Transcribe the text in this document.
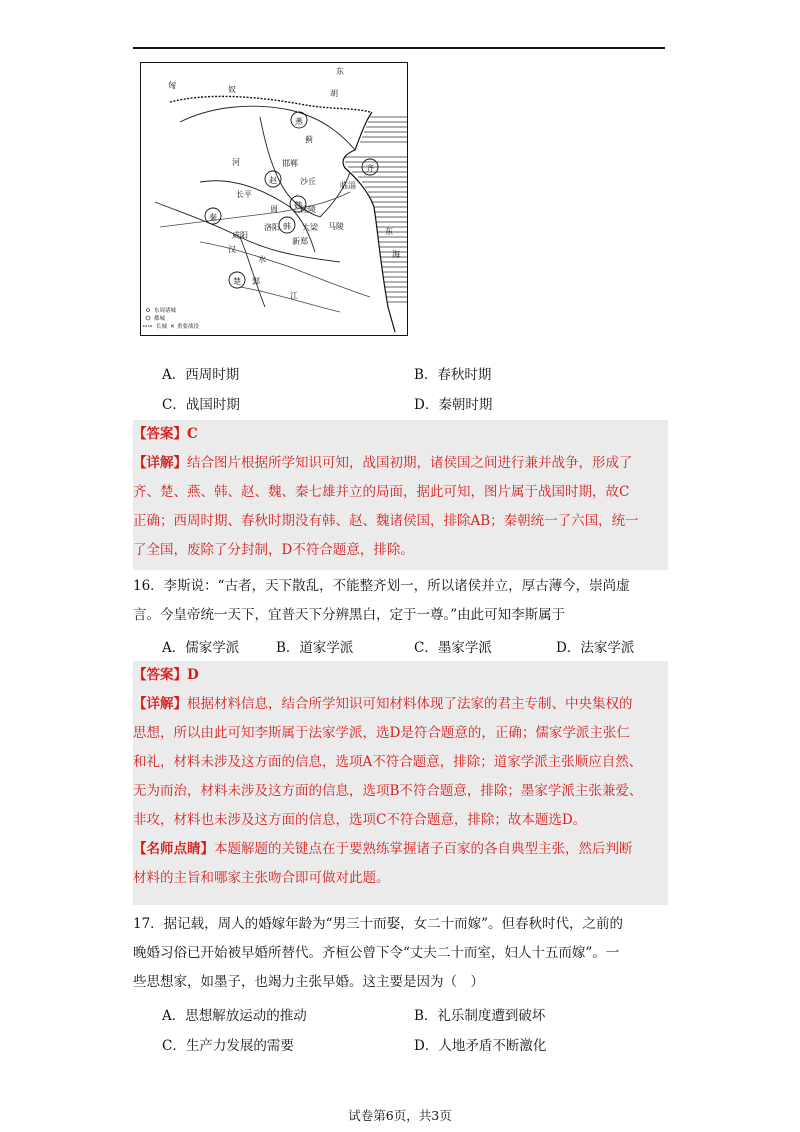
匈	奴
东
胡
燕
蓟
齐
临淄
赵
邯郸
魏
大梁
韩
新郑
秦
咸阳
楚 郢
周
洛阳
桂陵
马陵
河
汉
水
江
东
海
长平
沙丘
东周诸城
都城
长城 ✕ 重要战役
A．西周时期	B．春秋时期
C．战国时期	D．秦朝时期
【答案】C
【详解】结合图片根据所学知识可知，战国初期，诸侯国之间进行兼并战争，形成了
齐、楚、燕、韩、赵、魏、秦七雄并立的局面，据此可知，图片属于战国时期，故C
正确；西周时期、春秋时期没有韩、赵、魏诸侯国，排除AB；秦朝统一了六国，统一
了全国，废除了分封制，D不符合题意，排除。
16．李斯说：“古者，天下散乱，不能整齐划一，所以诸侯并立，厚古薄今，崇尚虚
言。今皇帝统一天下，宜普天下分辨黑白，定于一尊。”由此可知李斯属于
A．儒家学派	B．道家学派	C．墨家学派	D．法家学派
【答案】D
【详解】根据材料信息，结合所学知识可知材料体现了法家的君主专制、中央集权的
思想，所以由此可知李斯属于法家学派，选D是符合题意的，正确；儒家学派主张仁
和礼，材料未涉及这方面的信息，选项A不符合题意，排除；道家学派主张顺应自然、
无为而治，材料未涉及这方面的信息，选项B不符合题意，排除；墨家学派主张兼爱、
非攻，材料也未涉及这方面的信息，选项C不符合题意，排除；故本题选D。
【名师点睛】本题解题的关键点在于要熟练掌握诸子百家的各自典型主张，然后判断
材料的主旨和哪家主张吻合即可做对此题。
17．据记载，周人的婚嫁年龄为“男三十而娶，女二十而嫁”。但春秋时代，之前的
晚婚习俗已开始被早婚所替代。齐桓公曾下令“丈夫二十而室，妇人十五而嫁”。一
些思想家，如墨子，也竭力主张早婚。这主要是因为（　）
A．思想解放运动的推动	B．礼乐制度遭到破坏
C．生产力发展的需要	D．人地矛盾不断激化
试卷第6页，共3页
